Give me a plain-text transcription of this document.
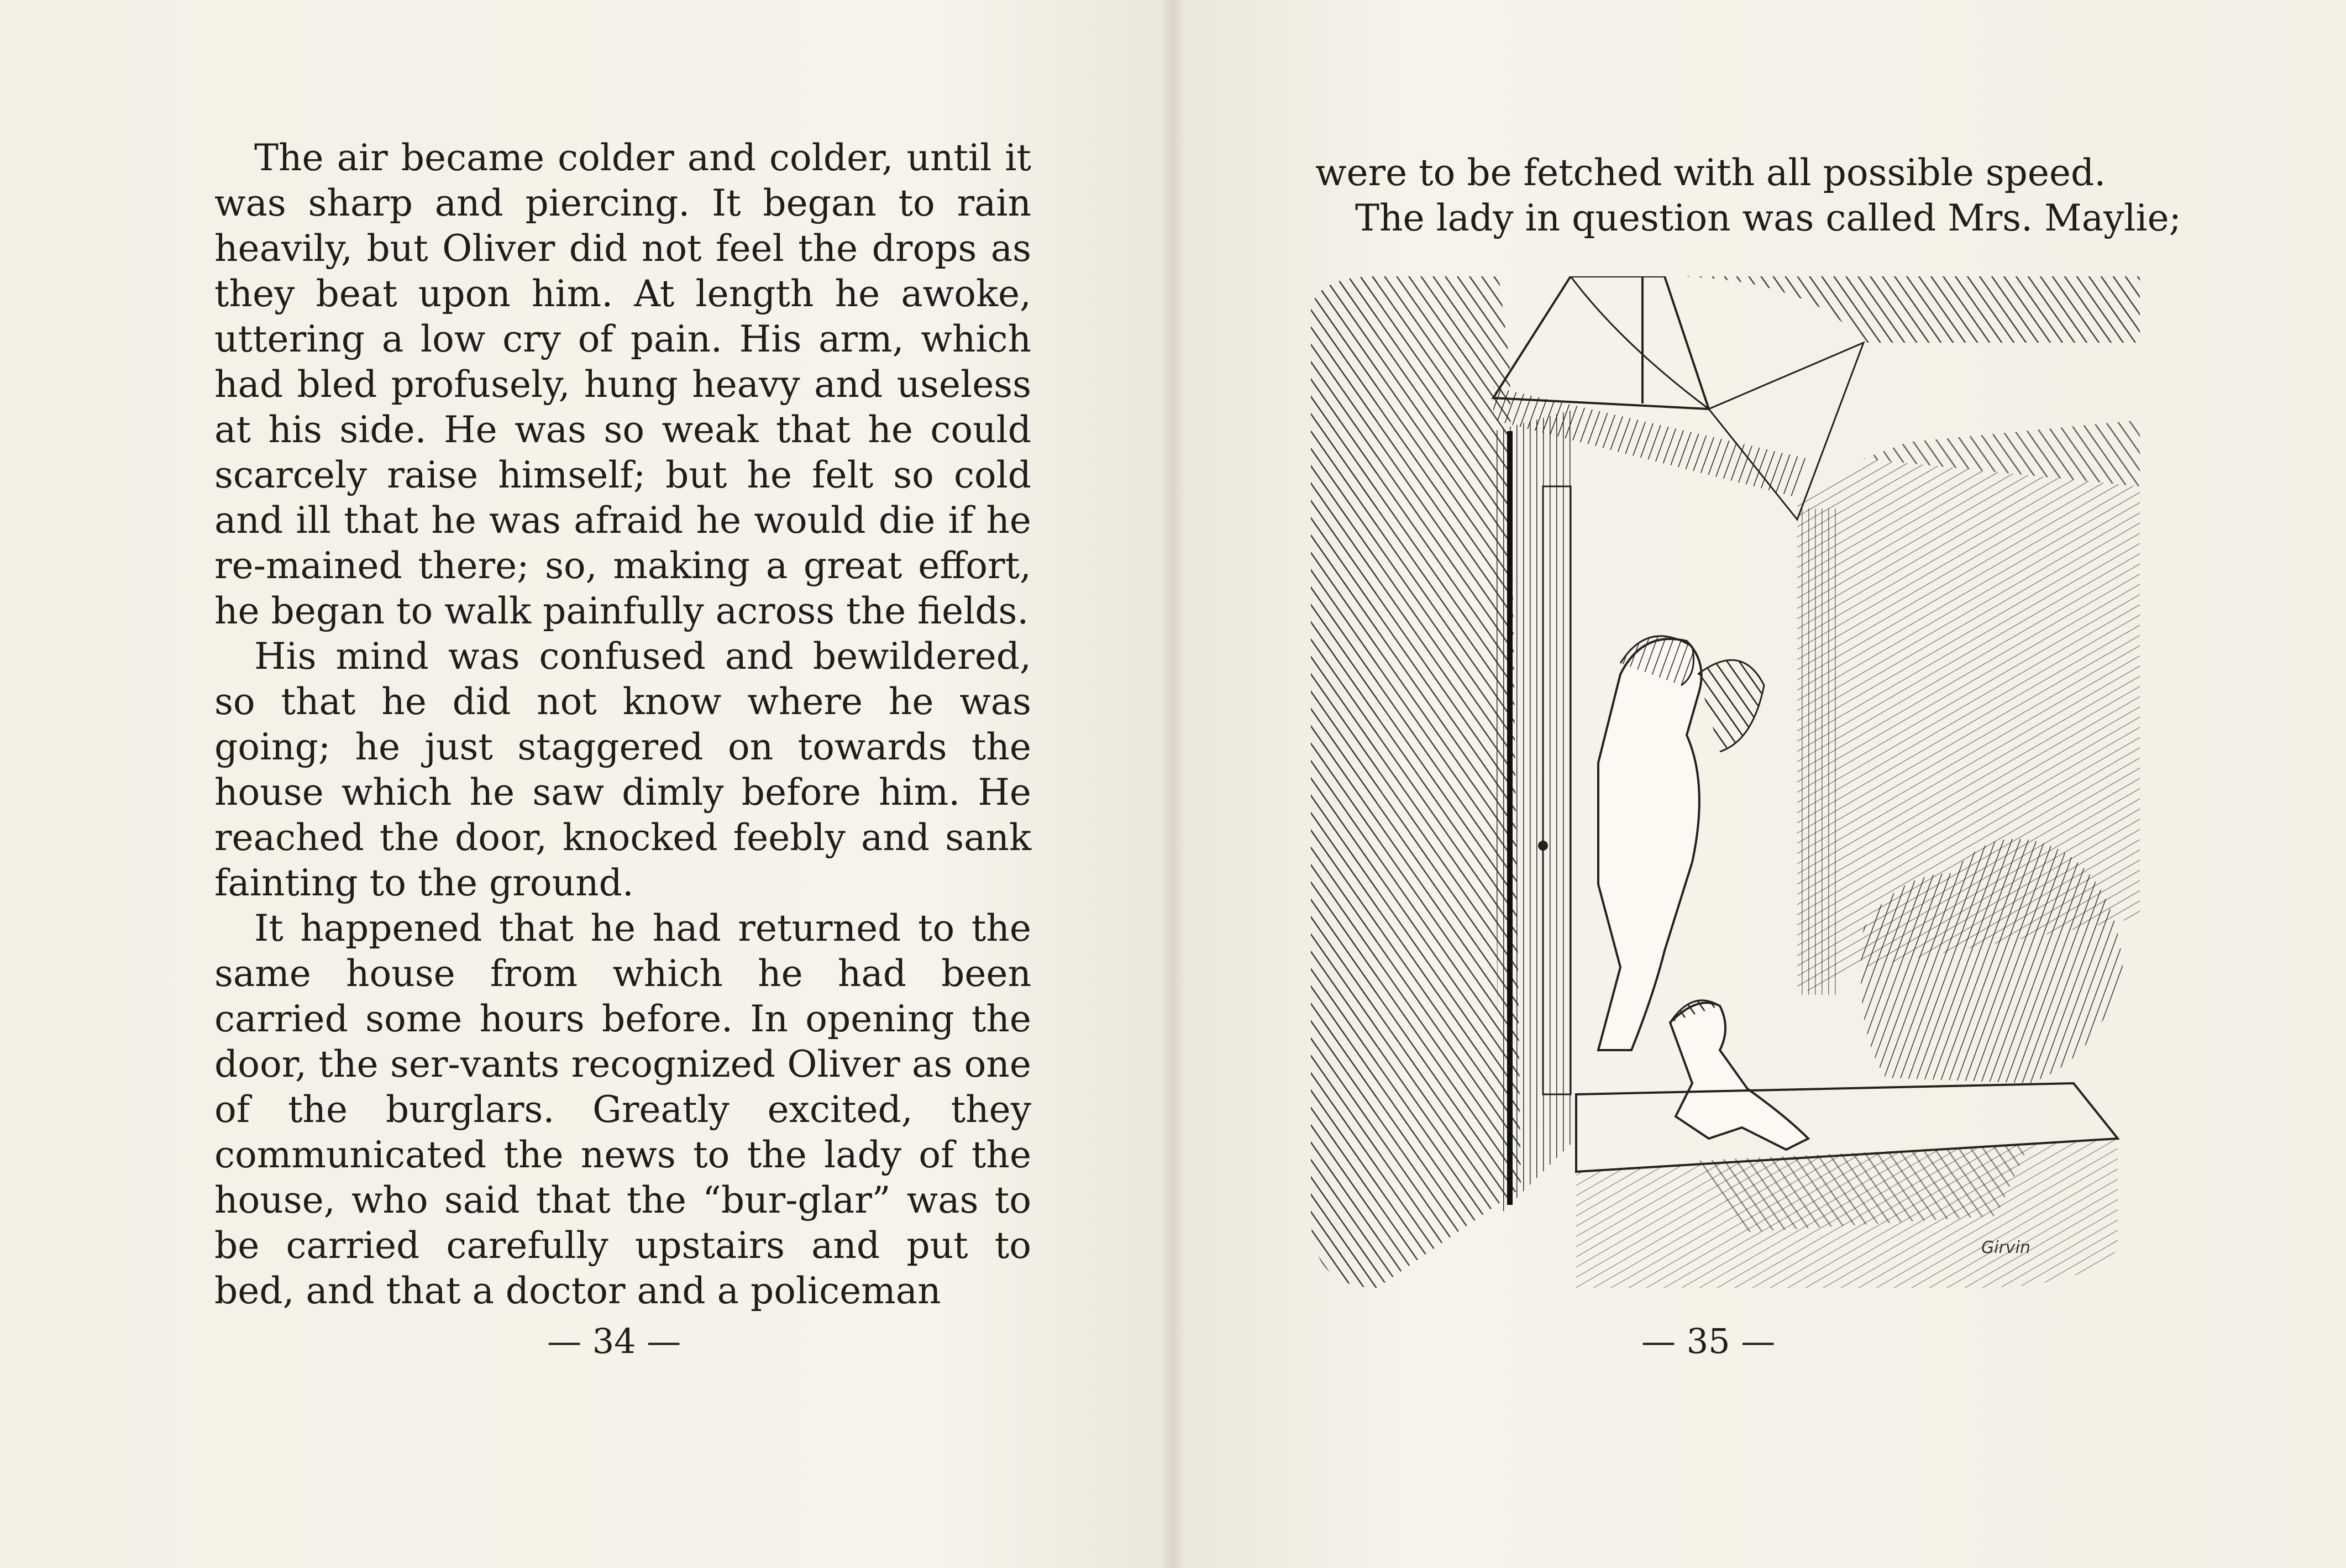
The air became colder and colder, until it was sharp and piercing. It began to rain heavily, but Oliver did not feel the drops as they beat upon him. At length he awoke, uttering a low cry of pain. His arm, which had bled profusely, hung heavy and useless at his side. He was so weak that he could scarcely raise himself; but he felt so cold and ill that he was afraid he would die if he re-mained there; so, making a great effort, he began to walk painfully across the fields.

His mind was confused and bewildered, so that he did not know where he was going; he just staggered on towards the house which he saw dimly before him. He reached the door, knocked feebly and sank fainting to the ground.

It happened that he had returned to the same house from which he had been carried some hours before. In opening the door, the ser-vants recognized Oliver as one of the burglars. Greatly excited, they communicated the news to the lady of the house, who said that the “bur-glar” was to be carried carefully upstairs and put to bed, and that a doctor and a policeman

— 34 —
were to be fetched with all possible speed.
The lady in question was called Mrs. Maylie;
Girvin
— 35 —
